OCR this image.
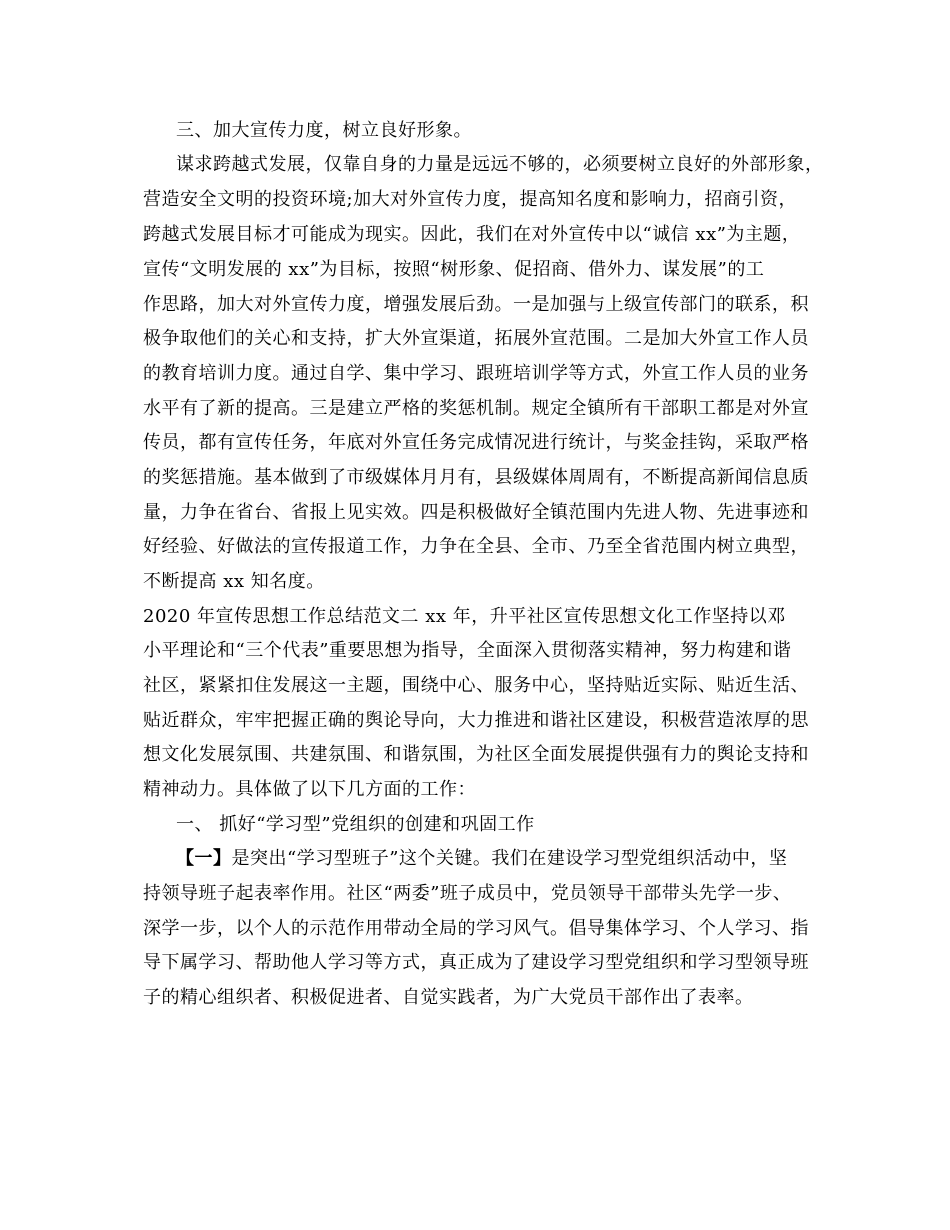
三、加大宣传力度，树立良好形象。
谋求跨越式发展，仅靠自身的力量是远远不够的，必须要树立良好的外部形象，
营造安全文明的投资环境;加大对外宣传力度，提高知名度和影响力，招商引资，
跨越式发展目标才可能成为现实。因此，我们在对外宣传中以“诚信 xx”为主题，
宣传“文明发展的 xx”为目标，按照“树形象、促招商、借外力、谋发展”的工
作思路，加大对外宣传力度，增强发展后劲。一是加强与上级宣传部门的联系，积
极争取他们的关心和支持，扩大外宣渠道，拓展外宣范围。二是加大外宣工作人员
的教育培训力度。通过自学、集中学习、跟班培训学等方式，外宣工作人员的业务
水平有了新的提高。三是建立严格的奖惩机制。规定全镇所有干部职工都是对外宣
传员，都有宣传任务，年底对外宣任务完成情况进行统计，与奖金挂钩，采取严格
的奖惩措施。基本做到了市级媒体月月有，县级媒体周周有，不断提高新闻信息质
量，力争在省台、省报上见实效。四是积极做好全镇范围内先进人物、先进事迹和
好经验、好做法的宣传报道工作，力争在全县、全市、乃至全省范围内树立典型，
不断提高 xx 知名度。
2020 年宣传思想工作总结范文二 xx 年，升平社区宣传思想文化工作坚持以邓
小平理论和“三个代表”重要思想为指导，全面深入贯彻落实精神，努力构建和谐
社区，紧紧扣住发展这一主题，围绕中心、服务中心，坚持贴近实际、贴近生活、
贴近群众，牢牢把握正确的舆论导向，大力推进和谐社区建设，积极营造浓厚的思
想文化发展氛围、共建氛围、和谐氛围，为社区全面发展提供强有力的舆论支持和
精神动力。具体做了以下几方面的工作：
一、 抓好“学习型”党组织的创建和巩固工作
【一】是突出“学习型班子”这个关键。我们在建设学习型党组织活动中，坚
持领导班子起表率作用。社区“两委”班子成员中，党员领导干部带头先学一步、
深学一步，以个人的示范作用带动全局的学习风气。倡导集体学习、个人学习、指
导下属学习、帮助他人学习等方式，真正成为了建设学习型党组织和学习型领导班
子的精心组织者、积极促进者、自觉实践者，为广大党员干部作出了表率。
